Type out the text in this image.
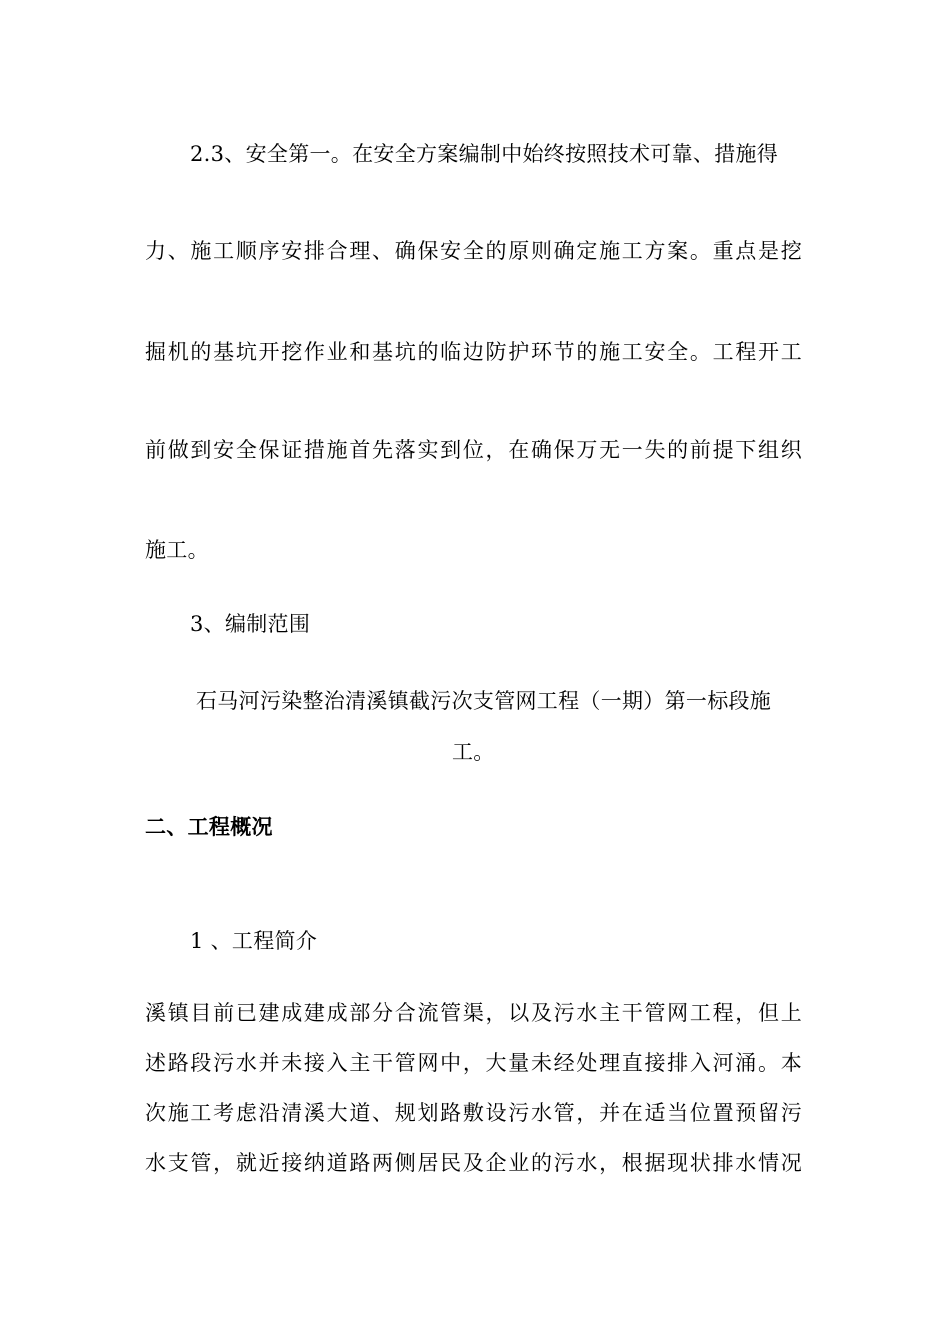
2.3、安全第一。在安全方案编制中始终按照技术可靠、措施得
力、施工顺序安排合理、确保安全的原则确定施工方案。重点是挖
掘机的基坑开挖作业和基坑的临边防护环节的施工安全。工程开工
前做到安全保证措施首先落实到位，在确保万无一失的前提下组织
施工。
3、编制范围
石马河污染整治清溪镇截污次支管网工程（一期）第一标段施
工。
二、工程概况
1 、工程简介
溪镇目前已建成建成部分合流管渠，以及污水主干管网工程，但上
述路段污水并未接入主干管网中，大量未经处理直接排入河涌。本
次施工考虑沿清溪大道、规划路敷设污水管，并在适当位置预留污
水支管，就近接纳道路两侧居民及企业的污水，根据现状排水情况
